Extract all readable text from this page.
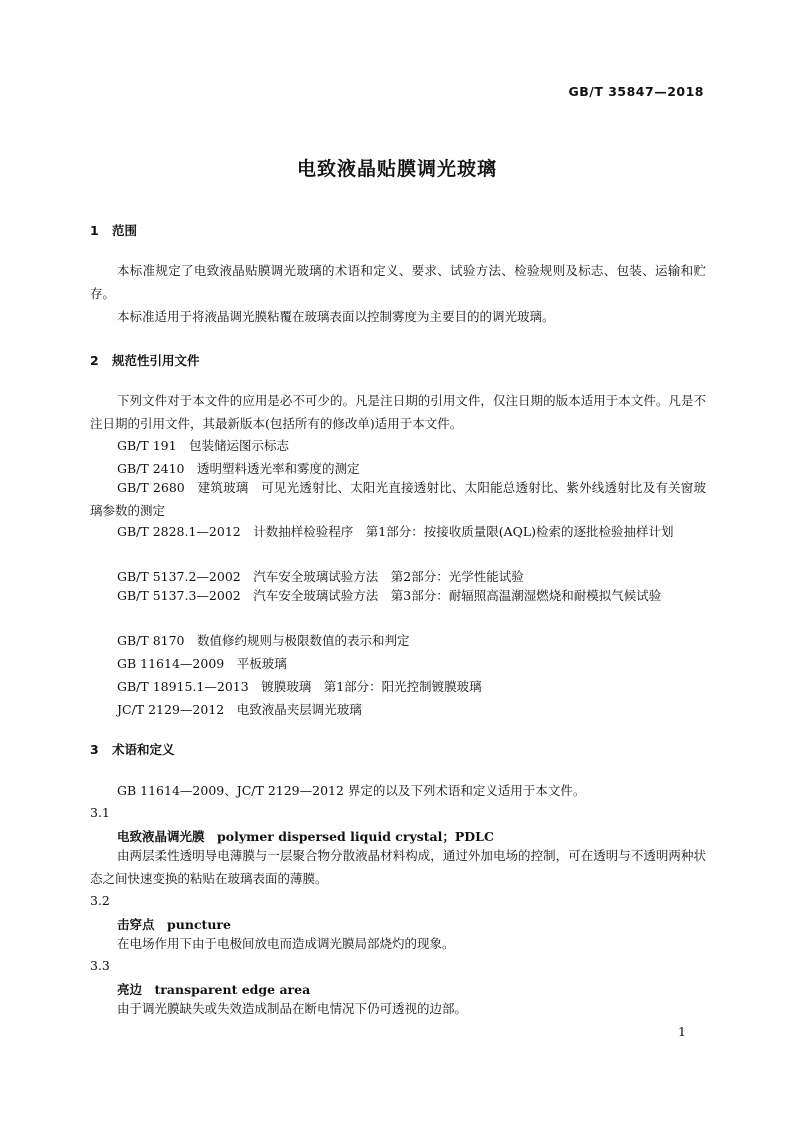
GB/T 35847—2018
电致液晶贴膜调光玻璃
1 范围

本标准规定了电致液晶贴膜调光玻璃的术语和定义、要求、试验方法、检验规则及标志、包装、运输和贮存。

本标准适用于将液晶调光膜粘覆在玻璃表面以控制雾度为主要目的的调光玻璃。

2 规范性引用文件

下列文件对于本文件的应用是必不可少的。凡是注日期的引用文件，仅注日期的版本适用于本文件。凡是不注日期的引用文件，其最新版本(包括所有的修改单)适用于本文件。

GB/T 191　包装储运图示标志
GB/T 2410　透明塑料透光率和雾度的测定

GB/T 2680　建筑玻璃　可见光透射比、太阳光直接透射比、太阳能总透射比、紫外线透射比及有关窗玻璃参数的测定

GB/T 2828.1—2012　计数抽样检验程序　第1部分：按接收质量限(AQL)检索的逐批检验抽样计划

GB/T 5137.2—2002　汽车安全玻璃试验方法　第2部分：光学性能试验

GB/T 5137.3—2002　汽车安全玻璃试验方法　第3部分：耐辐照高温潮湿燃烧和耐模拟气候试验

GB/T 8170　数值修约规则与极限数值的表示和判定
GB 11614—2009　平板玻璃
GB/T 18915.1—2013　镀膜玻璃　第1部分：阳光控制镀膜玻璃
JC/T 2129—2012　电致液晶夹层调光玻璃
3 术语和定义

GB 11614—2009、JC/T 2129—2012 界定的以及下列术语和定义适用于本文件。

3.1
电致液晶调光膜　 polymer dispersed liquid crystal；PDLC

由两层柔性透明导电薄膜与一层聚合物分散液晶材料构成，通过外加电场的控制，可在透明与不透明两种状态之间快速变换的粘贴在玻璃表面的薄膜。

3.2
击穿点　 puncture

在电场作用下由于电极间放电而造成调光膜局部烧灼的现象。

3.3
亮边　 transparent edge area

由于调光膜缺失或失效造成制品在断电情况下仍可透视的边部。

1
